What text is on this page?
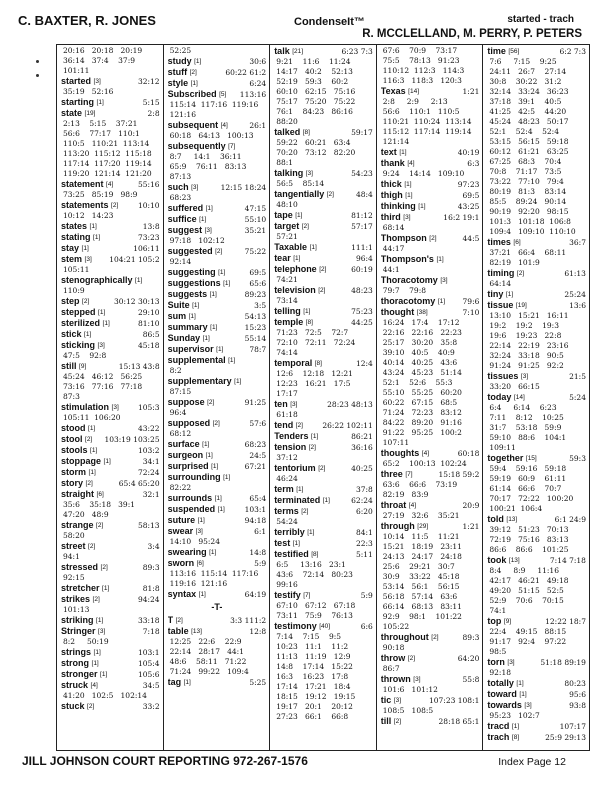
C. BAXTER, R. JONES	CondenseIt™	started - trach
R. MCCLELLAND, M. PERRY, P. PETERS
20:16   20:18   20:19
36:14   37:4    37:9
101:11
started [3]	32:12
35:19   52:16
starting [1]	5:15
state [19]	2:8
2:13    5:15    37:21
56:6    77:17   110:1
110:5   110:21  113:14
113:20  115:12  115:18
117:14  117:20  119:14
119:20  121:14  121:20
statement [4]	55:16
73:25   85:19   98:9
statements [2]	10:10
10:12   14:23
states [1]	13:8
stating [1]	73:23
stay [1]	106:11
stem [3]	104:21 105:2
105:11
stenographically [1]
110:9
step [2]	30:12 30:13
stepped [1]	29:10
sterilized [1]	81:10
stick [1]	86:5
sticking [3]	45:18
47:5    92:8
still [9]	15:13 43:8
45:24   46:12   56:25
73:16   77:16   77:18
87:3
stimulation [3]	105:3
105:11  106:20
stood [1]	43:22
stool [2]	103:19 103:25
stools [1]	103:2
stoppage [1]	34:1
storm [1]	72:24
story [2]	65:4 65:20
straight [6]	32:1
35:6    35:18   39:1
47:20   48:9
strange [2]	58:13
58:20
street [2]	3:4
94:1
stressed [2]	89:3
92:15
stretcher [1]	81:8
strikes [2]	94:24
101:13
striking [1]	33:18
Stringer [3]	7:18
8:2     50:19
strings [1]	103:1
strong [1]	105:4
stronger [1]	105:6
struck [4]	34:5
41:20   102:5   102:14
stuck [2]	33:2
52:25
study [1]	30:6
stuff [2]	60:22 61:2
style [1]	6:24
Subscribed [5]	113:16
115:14  117:16  119:16
121:16
subsequent [4]	26:1
60:18   64:13   100:13
subsequently [7]
8:7     14:1    36:11
65:9    76:11   83:13
87:13
such [3]	12:15 18:24
68:23
suffered [1]	47:15
suffice [1]	55:10
suggest [3]	35:21
97:18   102:12
suggested [2]	75:22
92:14
suggesting [1]	69:5
suggestions [1]	65:6
suggests [1]	89:23
Suite [1]	3:5
sum [1]	54:13
summary [1]	15:23
Sunday [1]	55:14
supervisor [1]	78:7
supplemental [1]
8:2
supplementary [1]
87:15
suppose [2]	91:25
96:4
supposed [2]	57:6
68:12
surface [1]	68:23
surgeon [1]	24:5
surprised [1]	67:21
surrounding [1]
82:22
surrounds [1]	65:4
suspended [1]	103:1
suture [1]	94:18
swear [3]	6:1
14:10   95:24
swearing [1]	14:8
sworn [6]	5:9
113:16  115:14  117:16
119:16  121:16
syntax [1]	64:19
-T-
T [2]	3:3 111:2
table [13]	12:8
12:25   22:6    22:9
22:14   28:17   44:1
48:6    58:11   71:22
71:24   99:22   109:4
tag [1]	5:25
talk [21]	6:23 7:3
9:21    11:6    11:24
14:17   40:2    52:13
52:19   59:3    60:2
60:10   62:15   75:16
75:17   75:20   75:22
76:1    84:23   86:16
88:20
talked [8]	59:17
59:22   60:21   63:4
70:20   73:12   82:20
88:1
talking [3]	54:23
56:5    85:14
tangentially [2]	48:4
48:10
tape [1]	81:12
target [2]	57:17
57:21
Taxable [1]	111:1
tear [1]	96:4
telephone [2]	60:19
74:21
television [2]	48:23
73:14
telling [1]	75:23
temple [8]	44:25
71:23   72:5    72:7
72:10   72:11   72:24
74:14
temporal [8]	12:4
12:6    12:18   12:21
12:23   16:21   17:5
17:17
ten [3]	28:23 48:13
61:18
tend [2]	26:22 102:11
Tenders [1]	86:21
tension [2]	36:16
37:12
tentorium [2]	40:25
46:24
term [1]	37:8
terminated [1]	62:24
terms [2]	6:20
54:24
terribly [1]	84:1
test [1]	22:3
testified [8]	5:11
6:5     13:16   23:1
43:6    72:14   80:23
99:16
testify [7]	5:9
67:10   67:12   67:18
73:11   75:9    76:13
testimony [40]	6:6
7:14    7:15    9:5
10:23   11:1    11:2
11:13   11:19   12:9
14:8    17:14   15:22
16:3    16:23   17:8
17:14   17:21   18:4
18:15   19:12   19:15
19:17   20:1    20:12
27:23   66:1    66:8
67:6    70:9    73:17
75:5    78:13   91:23
110:12  112:3   114:3
116:3   118:3   120:3
Texas [14]	1:21
2:8     2:9     2:13
56:6    110:1   110:5
110:21  110:24  113:14
115:12  117:14  119:14
121:14
text [1]	40:19
thank [4]	6:3
9:24    14:14   109:10
thick [1]	97:23
thigh [1]	69:5
thinking [1]	43:25
third [3]	16:2 19:1
68:14
Thompson [2]	44:5
44:17
Thompson's [1]
44:1
Thoracotomy [3]
79:7    79:8
thoracotomy [1]	79:6
thought [38]	7:10
16:24   17:4    17:12
22:16   22:16   22:23
25:17   30:20   35:8
39:10   40:5    40:9
40:14   40:25   43:6
43:24   45:23   51:14
52:1    52:6    55:3
55:10   55:25   60:20
60:22   67:15   68:5
71:24   72:23   83:12
84:22   89:20   91:16
91:22   95:25   100:2
107:11
thoughts [4]	60:18
65:2    100:13  102:24
three [7]	15:18 59:2
63:6    66:6    73:19
82:19   83:9
throat [4]	20:9
27:19   32:6    35:21
through [29]	1:21
10:14   11:5    11:21
15:21   18:19   23:11
24:13   24:17   24:18
25:6    29:21   30:7
30:9    33:22   45:18
53:14   56:1    56:15
56:18   57:14   63:6
66:14   68:13   83:11
92:9    98:1    101:22
105:22
throughout [2]	89:3
90:18
throw [2]	64:20
86:7
thrown [3]	55:8
101:6   101:12
tic [3]	107:23 108:1
108:5   108:5
till [2]	28:18 65:1
time [56]	6:2 7:3
7:6     7:15    9:25
24:11   26:7    27:14
30:8    30:22   31:2
32:14   33:24   36:23
37:18   39:1    40:5
41:25   42:5    44:20
45:24   48:23   50:17
52:1    52:4    52:4
53:15   56:15   59:18
60:12   61:21   63:25
67:25   68:3    70:4
70:8    71:17   73:5
73:22   77:10   79:4
80:19   81:3    83:14
85:5    89:24   90:14
90:19   92:20   98:15
101:3   101:18  106:8
109:4   109:10  110:10
times [6]	36:7
37:21   66:4    68:11
82:19   101:9
timing [2]	61:13
64:14
tiny [1]	25:24
tissue [19]	13:6
13:10   15:21   16:11
19:2    19:2    19:3
19:6    19:23   22:8
22:14   22:19   23:16
32:24   33:18   90:5
91:24   91:25   92:2
tissues [3]	21:5
33:20   66:15
today [14]	5:24
6:4     6:14    6:23
7:11    8:12    10:25
31:7    53:18   59:9
59:10   88:6    104:1
109:11
together [15]	59:3
59:4    59:16   59:18
59:19   60:9    61:11
61:14   66:6    70:7
70:17   72:22   100:20
100:21  106:4
told [13]	6:1 24:9
39:12   51:23   70:13
72:19   75:16   83:13
86:6    86:6    101:25
took [13]	7:14 7:18
8:4     8:9     11:16
42:17   46:21   49:18
49:20   51:15   52:5
52:9    70:6    70:15
74:1
top [9]	12:22 18:7
22:4    49:15   88:15
91:17   92:4    97:22
98:5
torn [3]	51:18 89:19
92:18
totally [1]	80:23
toward [1]	95:6
towards [3]	93:8
95:23   102:7
tracd [1]	107:17
trach [8]	25:9 29:13
JILL JOHNSON COURT REPORTING 972-267-1576	Index Page 12
